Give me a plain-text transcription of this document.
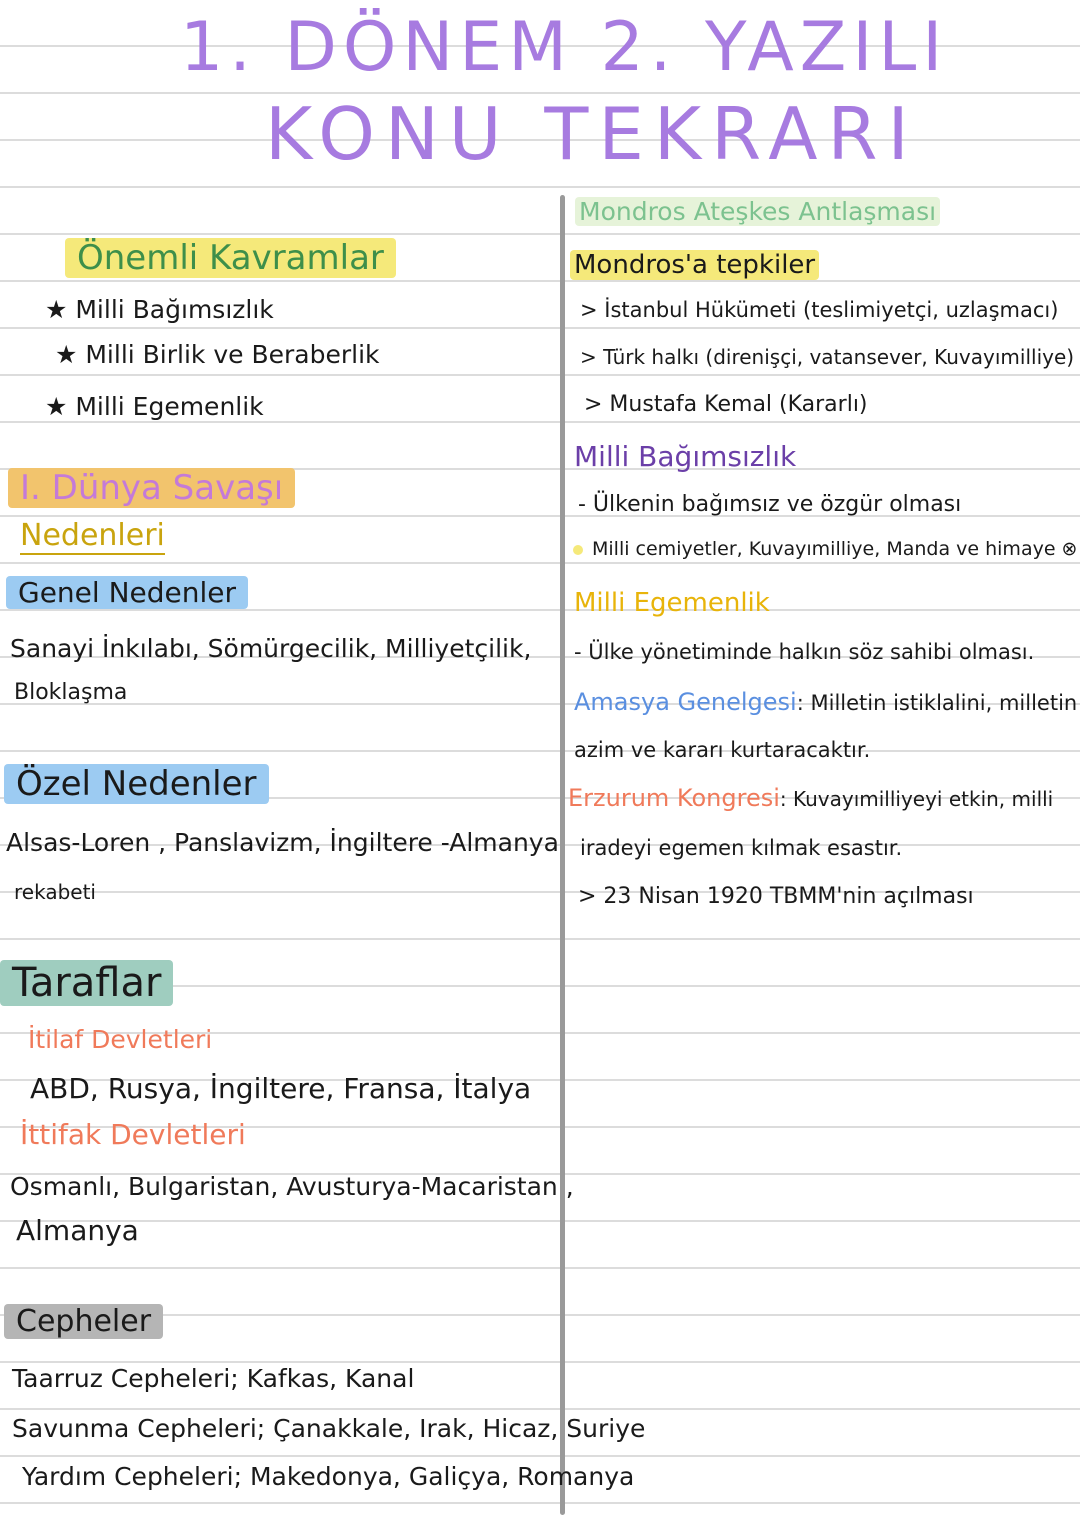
1. DÖNEM 2. YAZILI
KONU TEKRARI
Önemli Kavramlar
★ Milli Bağımsızlık
★ Milli Birlik ve Beraberlik
★ Milli Egemenlik
I. Dünya Savaşı
Nedenleri
Genel Nedenler
Sanayi İnkılabı, Sömürgecilik, Milliyetçilik,
Bloklaşma
Özel Nedenler
Alsas-Loren , Panslavizm, İngiltere -Almanya
rekabeti
Taraflar
İtilaf Devletleri
ABD, Rusya, İngiltere, Fransa, İtalya
İttifak Devletleri
Osmanlı, Bulgaristan, Avusturya-Macaristan ,
Almanya
Cepheler
Taarruz Cepheleri; Kafkas, Kanal
Savunma Cepheleri; Çanakkale, Irak, Hicaz, Suriye
Yardım Cepheleri; Makedonya, Galiçya, Romanya
Mondros Ateşkes Antlaşması
Mondros'a tepkiler
> İstanbul Hükümeti (teslimiyetçi, uzlaşmacı)
> Türk halkı (direnişçi, vatansever, Kuvayımilliye)
> Mustafa Kemal (Kararlı)
Milli Bağımsızlık
- Ülkenin bağımsız ve özgür olması
Milli cemiyetler, Kuvayımilliye, Manda ve himaye ⊗
Milli Egemenlik
- Ülke yönetiminde halkın söz sahibi olması.
Amasya Genelgesi: Milletin istiklalini, milletin
azim ve kararı kurtaracaktır.
Erzurum Kongresi: Kuvayımilliyeyi etkin, milli
iradeyi egemen kılmak esastır.
> 23 Nisan 1920 TBMM'nin açılması
